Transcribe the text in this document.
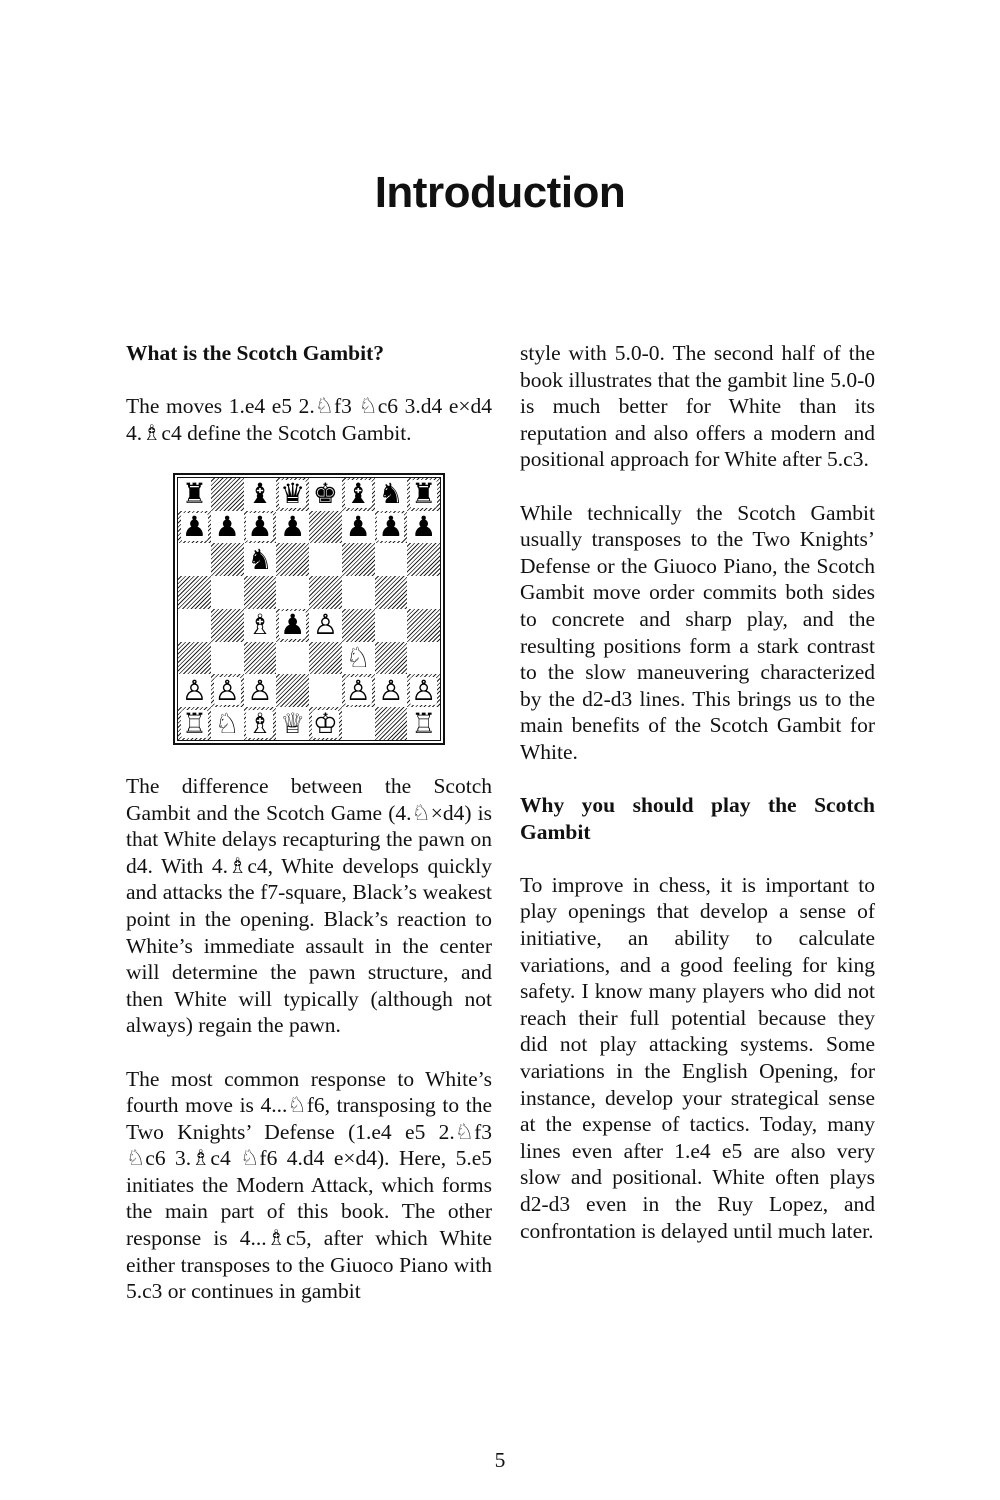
Introduction
What is the Scotch Gambit?

The moves 1.e4 e5 2.♘f3 ♘c6 3.d4 e×d4 4.♗c4 define the Scotch Gambit.

♜ ♝ ♛ ♚ ♝ ♞ ♜
♟ ♟ ♟ ♟ ♟ ♟ ♟
♞
♗ ♟ ♙
♘
♙ ♙ ♙	♙ ♙ ♙
♖ ♘ ♗ ♕ ♔	♖

The difference between the Scotch Gambit and the Scotch Game (4.♘×d4) is that White delays recapturing the pawn on d4. With 4.♗c4, White develops quickly and attacks the f7-square, Black’s weakest point in the opening. Black’s reaction to White’s immediate assault in the center will determine the pawn structure, and then White will typically (although not always) regain the pawn.

The most common response to White’s fourth move is 4...♘f6, transposing to the Two Knights’ Defense (1.e4 e5 2.♘f3 ♘c6 3.♗c4 ♘f6 4.d4 e×d4). Here, 5.e5 initiates the Modern Attack, which forms the main part of this book. The other response is 4...♗c5, after which White either transposes to the Giuoco Piano with 5.c3 or continues in gambit

style with 5.0-0. The second half of the book illustrates that the gambit line 5.0-0 is much better for White than its reputation and also offers a modern and positional approach for White after 5.c3.

While technically the Scotch Gambit usually transposes to the Two Knights’ Defense or the Giuoco Piano, the Scotch Gambit move order commits both sides to concrete and sharp play, and the resulting positions form a stark contrast to the slow maneuvering characterized by the d2-d3 lines. This brings us to the main benefits of the Scotch Gambit for White.

Why you should play the Scotch Gambit

To improve in chess, it is important to play openings that develop a sense of initiative, an ability to calculate variations, and a good feeling for king safety. I know many players who did not reach their full potential because they did not play attacking systems. Some variations in the English Opening, for instance, develop your strategical sense at the expense of tactics. Today, many lines even after 1.e4 e5 are also very slow and positional. White often plays d2-d3 even in the Ruy Lopez, and confrontation is delayed until much later.

5
